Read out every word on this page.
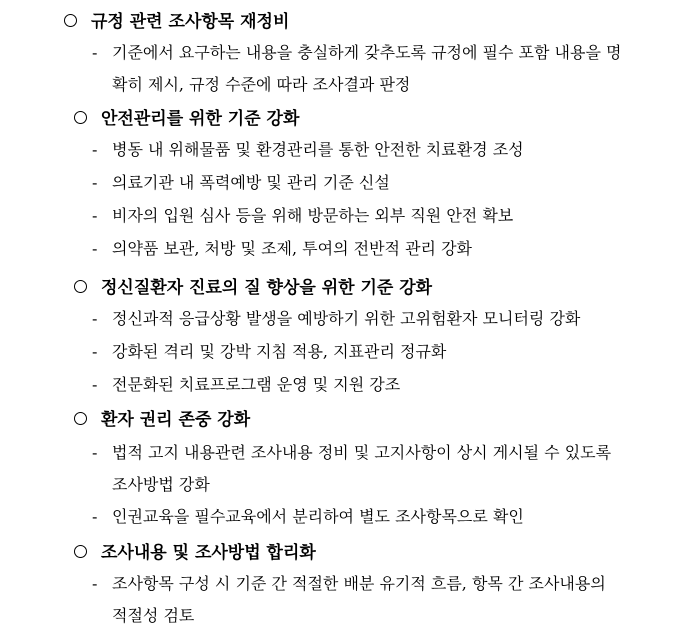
규정 관련 조사항목 재정비
- 기준에서 요구하는 내용을 충실하게 갖추도록 규정에 필수 포함 내용을 명확히 제시, 규정 수준에 따라 조사결과 판정
안전관리를 위한 기준 강화
- 병동 내 위해물품 및 환경관리를 통한 안전한 치료환경 조성
- 의료기관 내 폭력예방 및 관리 기준 신설
- 비자의 입원 심사 등을 위해 방문하는 외부 직원 안전 확보
- 의약품 보관, 처방 및 조제, 투여의 전반적 관리 강화
정신질환자 진료의 질 향상을 위한 기준 강화
- 정신과적 응급상황 발생을 예방하기 위한 고위험환자 모니터링 강화
- 강화된 격리 및 강박 지침 적용, 지표관리 정규화
- 전문화된 치료프로그램 운영 및 지원 강조
환자 권리 존중 강화
- 법적 고지 내용관련 조사내용 정비 및 고지사항이 상시 게시될 수 있도록 조사방법 강화
- 인권교육을 필수교육에서 분리하여 별도 조사항목으로 확인
조사내용 및 조사방법 합리화
- 조사항목 구성 시 기준 간 적절한 배분 유기적 흐름, 항목 간 조사내용의 적절성 검토
